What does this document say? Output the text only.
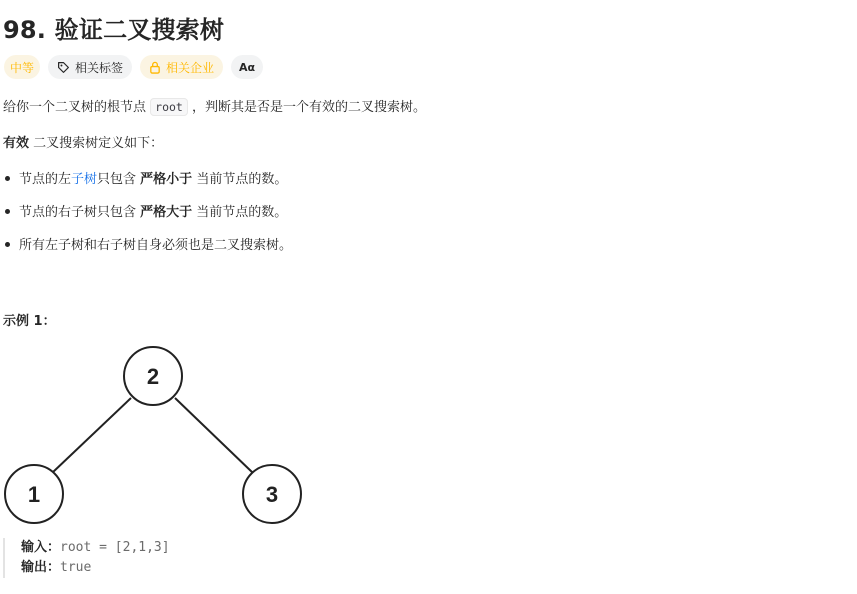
98. 验证二叉搜索树
中等	相关标签	相关企业	Aα
给你一个二叉树的根节点 root ，判断其是否是一个有效的二叉搜索树。
有效 二叉搜索树定义如下：
节点的左子树只包含 严格小于 当前节点的数。
节点的右子树只包含 严格大于 当前节点的数。
所有左子树和右子树自身必须也是二叉搜索树。
示例 1：
2
1	3
输入：root = [2,1,3]
输出：true
